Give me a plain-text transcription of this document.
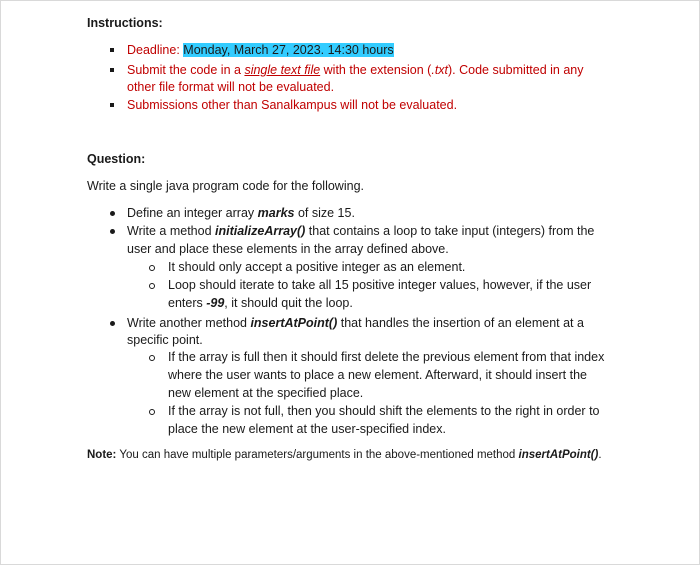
Instructions:
Deadline: Monday, March 27, 2023. 14:30 hours
Submit the code in a single text file with the extension (.txt). Code submitted in any
other file format will not be evaluated.
Submissions other than Sanalkampus will not be evaluated.
Question:
Write a single java program code for the following.
Define an integer array marks of size 15.
Write a method initializeArray() that contains a loop to take input (integers) from the
user and place these elements in the array defined above.
It should only accept a positive integer as an element.
Loop should iterate to take all 15 positive integer values, however, if the user
enters -99, it should quit the loop.
Write another method insertAtPoint() that handles the insertion of an element at a
specific point.
If the array is full then it should first delete the previous element from that index
where the user wants to place a new element. Afterward, it should insert the
new element at the specified place.
If the array is not full, then you should shift the elements to the right in order to
place the new element at the user-specified index.
Note: You can have multiple parameters/arguments in the above-mentioned method insertAtPoint().
